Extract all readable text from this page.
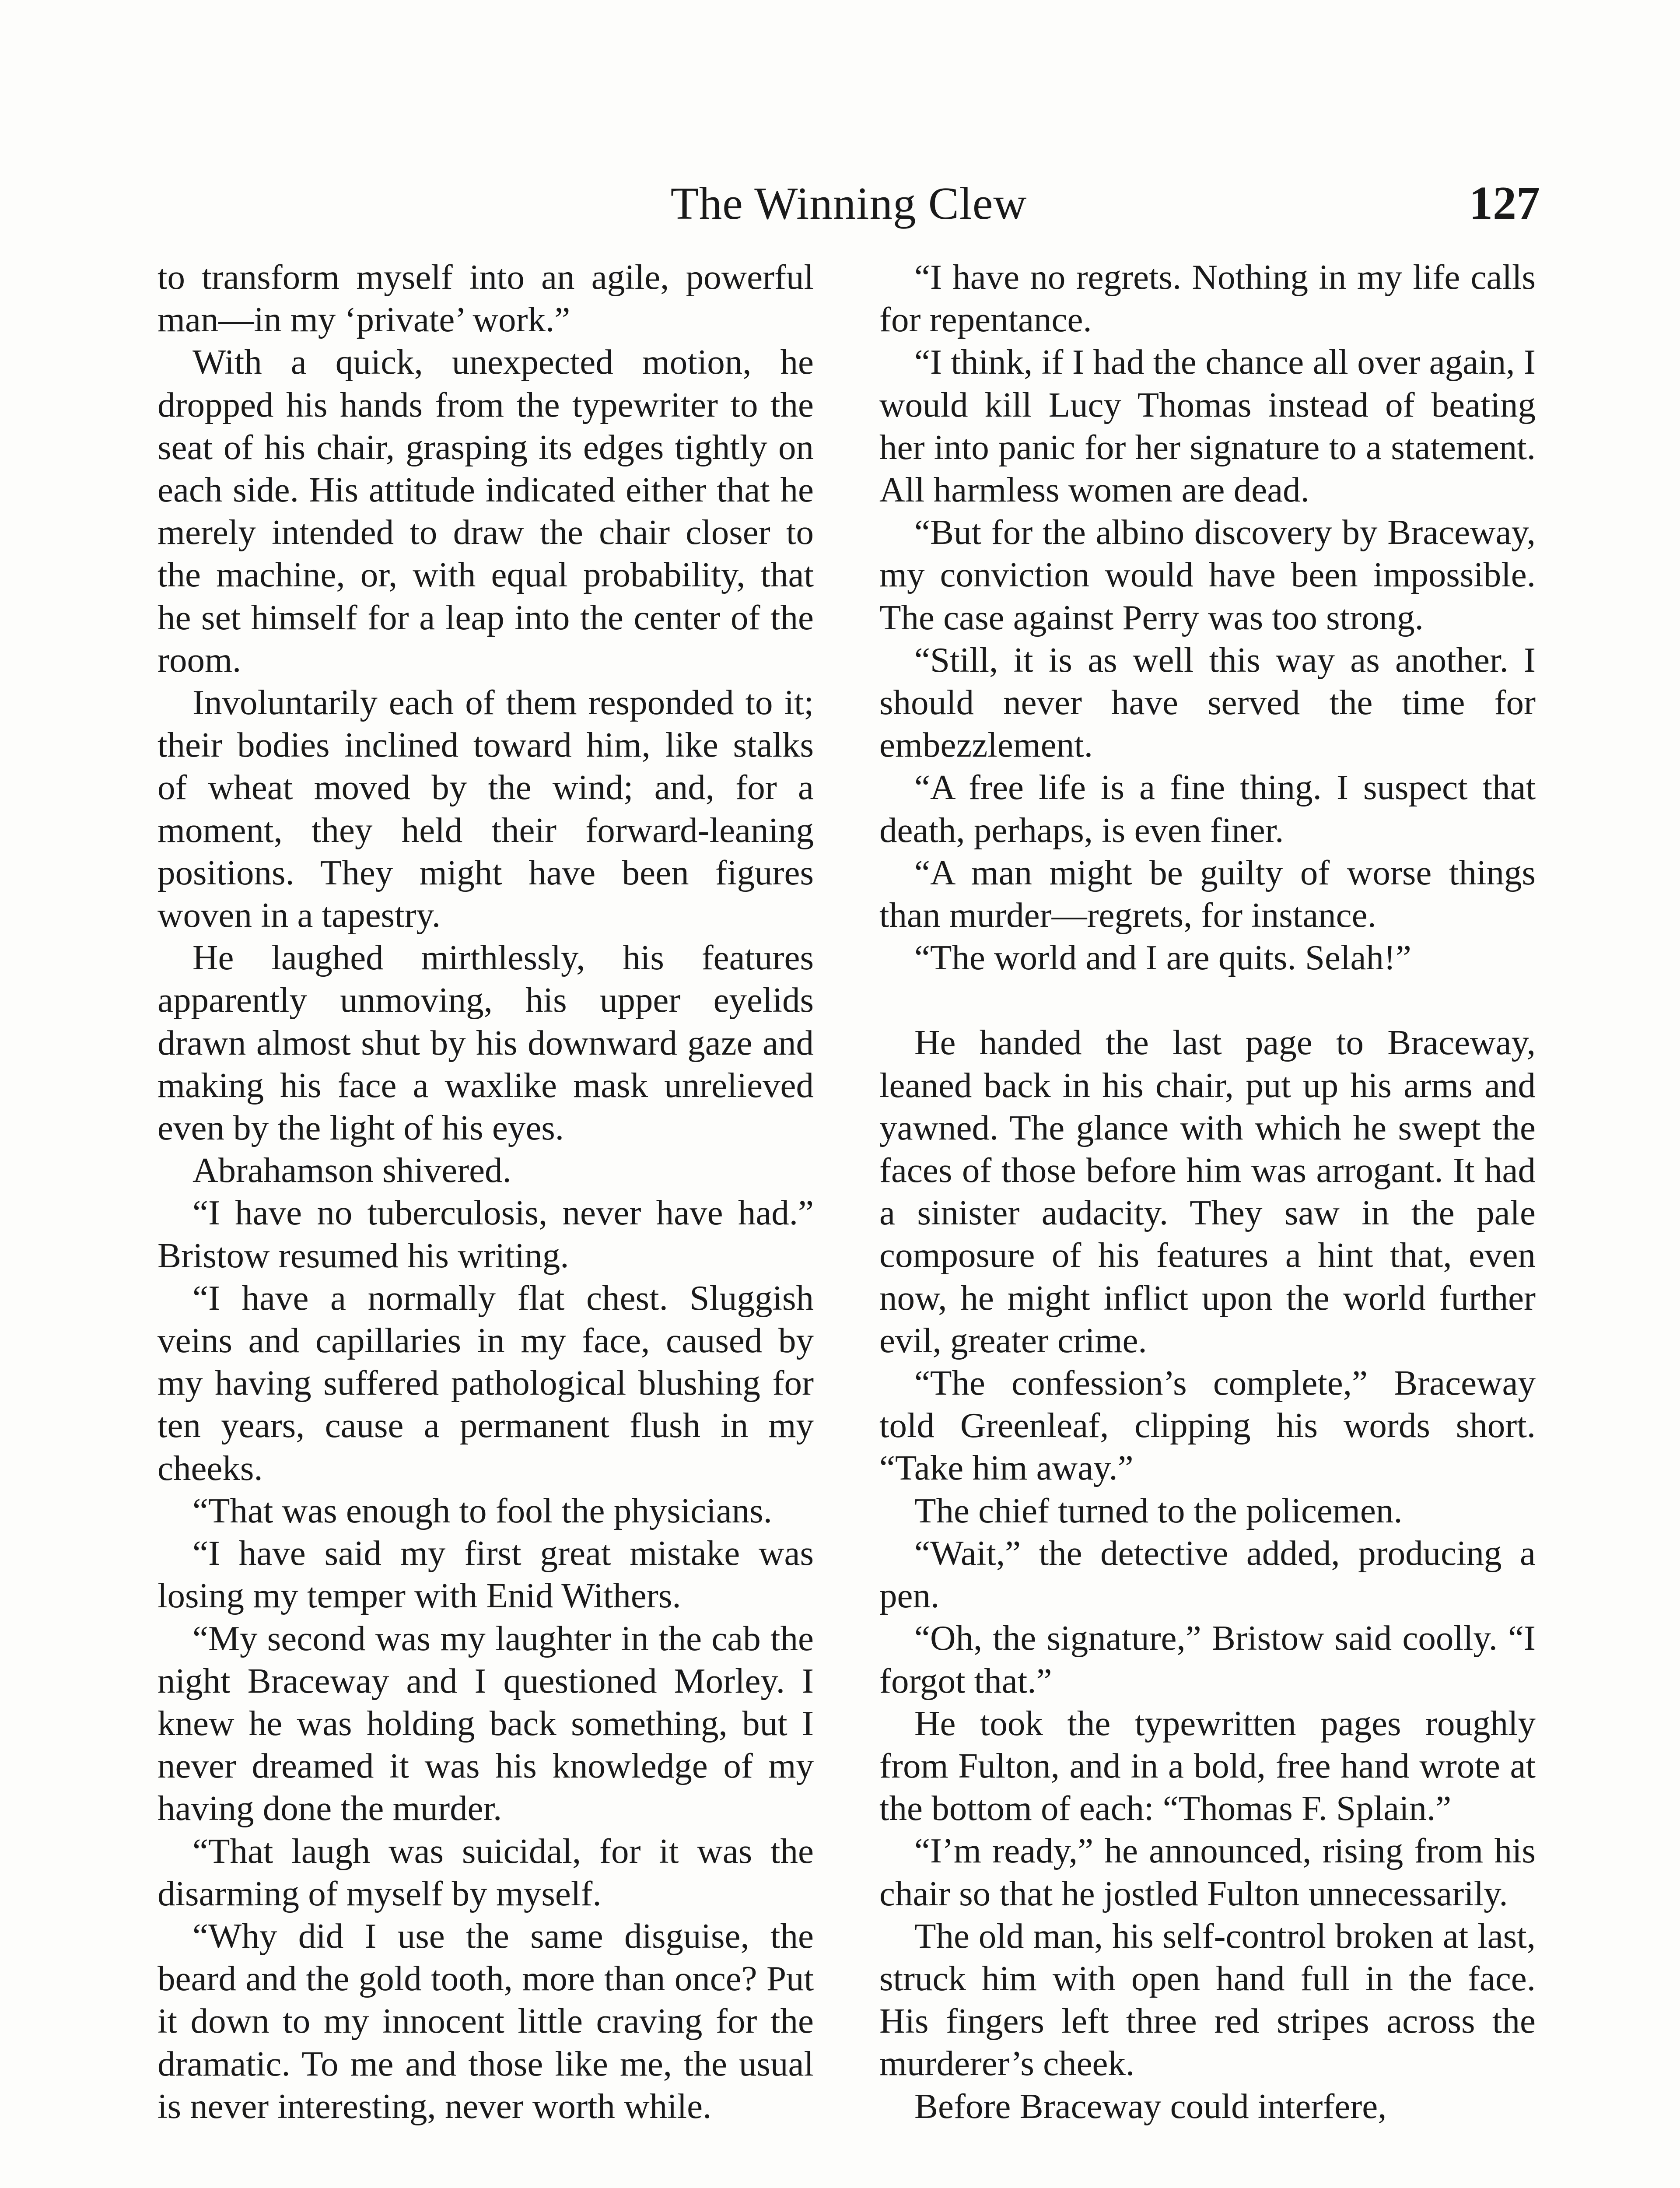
The Winning Clew	127

to transform myself into an agile, powerful man—in my ‘private’ work.”

With a quick, unexpected motion, he dropped his hands from the typewriter to the seat of his chair, grasping its edges tightly on each side. His attitude indicated either that he merely intended to draw the chair closer to the machine, or, with equal probability, that he set himself for a leap into the center of the room.

Involuntarily each of them responded to it; their bodies inclined toward him, like stalks of wheat moved by the wind; and, for a moment, they held their forward-leaning positions. They might have been figures woven in a tapestry.

He laughed mirthlessly, his features apparently unmoving, his upper eyelids drawn almost shut by his downward gaze and making his face a waxlike mask unrelieved even by the light of his eyes.

Abrahamson shivered.

“I have no tuberculosis, never have had.” Bristow resumed his writing.

“I have a normally flat chest. Sluggish veins and capillaries in my face, caused by my having suffered pathological blushing for ten years, cause a permanent flush in my cheeks.

“That was enough to fool the physicians.

“I have said my first great mistake was losing my temper with Enid Withers.

“My second was my laughter in the cab the night Braceway and I questioned Morley. I knew he was holding back something, but I never dreamed it was his knowledge of my having done the murder.

“That laugh was suicidal, for it was the disarming of myself by myself.

“Why did I use the same disguise, the beard and the gold tooth, more than once? Put it down to my innocent little craving for the dramatic. To me and those like me, the usual is never interesting, never worth while.

“I have no regrets. Nothing in my life calls for repentance.

“I think, if I had the chance all over again, I would kill Lucy Thomas instead of beating her into panic for her signature to a statement. All harmless women are dead.

“But for the albino discovery by Braceway, my conviction would have been impossible. The case against Perry was too strong.

“Still, it is as well this way as another. I should never have served the time for embezzlement.

“A free life is a fine thing. I suspect that death, perhaps, is even finer.

“A man might be guilty of worse things than murder—regrets, for instance.

“The world and I are quits. Selah!”

He handed the last page to Braceway, leaned back in his chair, put up his arms and yawned. The glance with which he swept the faces of those before him was arrogant. It had a sinister audacity. They saw in the pale composure of his features a hint that, even now, he might inflict upon the world further evil, greater crime.

“The confession’s complete,” Braceway told Greenleaf, clipping his words short. “Take him away.”

The chief turned to the policemen.

“Wait,” the detective added, producing a pen.

“Oh, the signature,” Bristow said coolly. “I forgot that.”

He took the typewritten pages roughly from Fulton, and in a bold, free hand wrote at the bottom of each: “Thomas F. Splain.”

“I’m ready,” he announced, rising from his chair so that he jostled Fulton unnecessarily.

The old man, his self-control broken at last, struck him with open hand full in the face. His fingers left three red stripes across the murderer’s cheek.

Before Braceway could interfere,
